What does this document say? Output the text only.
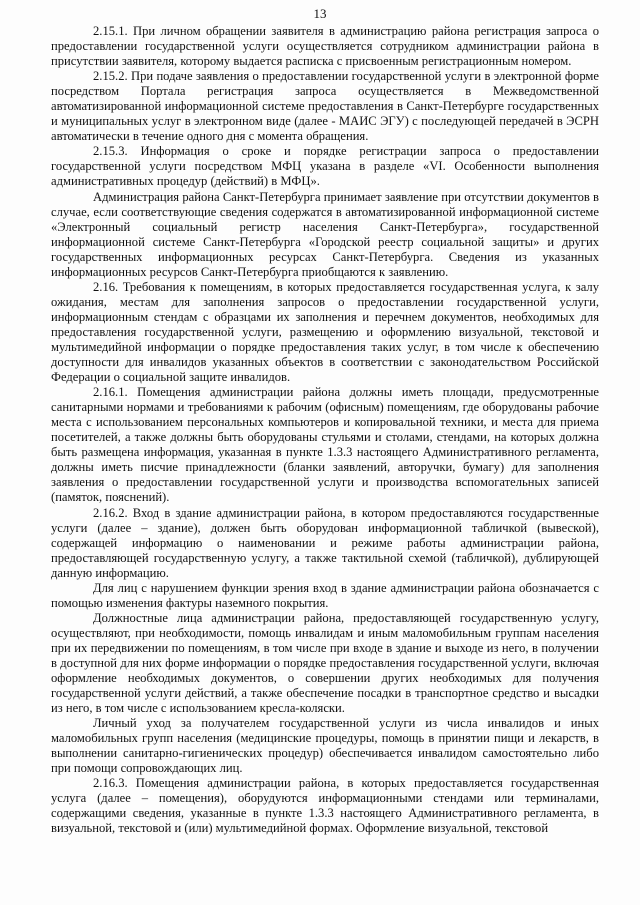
13

2.15.1. При личном обращении заявителя в администрацию района регистрация запроса о предоставлении государственной услуги осуществляется сотрудником администрации района в присутствии заявителя, которому выдается расписка с присвоенным регистрационным номером.

2.15.2. При подаче заявления о предоставлении государственной услуги в электронной форме посредством Портала регистрация запроса осуществляется в Межведомственной автоматизированной информационной системе предоставления в Санкт-Петербурге государственных и муниципальных услуг в электронном виде (далее - МАИС ЭГУ) с последующей передачей в ЭСРН автоматически в течение одного дня с момента обращения.

2.15.3. Информация о сроке и порядке регистрации запроса о предоставлении государственной услуги посредством МФЦ указана в разделе «VI. Особенности выполнения административных процедур (действий) в МФЦ».

Администрация района Санкт-Петербурга принимает заявление при отсутствии документов в случае, если соответствующие сведения содержатся в автоматизированной информационной системе «Электронный социальный регистр населения Санкт-Петербурга», государственной информационной системе Санкт-Петербурга «Городской реестр социальной защиты» и других государственных информационных ресурсах Санкт-Петербурга. Сведения из указанных информационных ресурсов Санкт-Петербурга приобщаются к заявлению.

2.16. Требования к помещениям, в которых предоставляется государственная услуга, к залу ожидания, местам для заполнения запросов о предоставлении государственной услуги, информационным стендам с образцами их заполнения и перечнем документов, необходимых для предоставления государственной услуги, размещению и оформлению визуальной, текстовой и мультимедийной информации о порядке предоставления таких услуг, в том числе к обеспечению доступности для инвалидов указанных объектов в соответствии с законодательством Российской Федерации о социальной защите инвалидов.

2.16.1. Помещения администрации района должны иметь площади, предусмотренные санитарными нормами и требованиями к рабочим (офисным) помещениям, где оборудованы рабочие места с использованием персональных компьютеров и копировальной техники, и места для приема посетителей, а также должны быть оборудованы стульями и столами, стендами, на которых должна быть размещена информация, указанная в пункте 1.3.3 настоящего Административного регламента, должны иметь писчие принадлежности (бланки заявлений, авторучки, бумагу) для заполнения заявления о предоставлении государственной услуги и производства вспомогательных записей (памяток, пояснений).

2.16.2. Вход в здание администрации района, в котором предоставляются государственные услуги (далее – здание), должен быть оборудован информационной табличкой (вывеской), содержащей информацию о наименовании и режиме работы администрации района, предоставляющей государственную услугу, а также тактильной схемой (табличкой), дублирующей данную информацию.

Для лиц с нарушением функции зрения вход в здание администрации района обозначается с помощью изменения фактуры наземного покрытия.

Должностные лица администрации района, предоставляющей государственную услугу, осуществляют, при необходимости, помощь инвалидам и иным маломобильным группам населения при их передвижении по помещениям, в том числе при входе в здание и выходе из него, в получении в доступной для них форме информации о порядке предоставления государственной услуги, включая оформление необходимых документов, о совершении других необходимых для получения государственной услуги действий, а также обеспечение посадки в транспортное средство и высадки из него, в том числе с использованием кресла-коляски.

Личный уход за получателем государственной услуги из числа инвалидов и иных маломобильных групп населения (медицинские процедуры, помощь в принятии пищи и лекарств, в выполнении санитарно-гигиенических процедур) обеспечивается инвалидом самостоятельно либо при помощи сопровождающих лиц.

2.16.3. Помещения администрации района, в которых предоставляется государственная услуга (далее – помещения), оборудуются информационными стендами или терминалами, содержащими сведения, указанные в пункте 1.3.3 настоящего Административного регламента, в визуальной, текстовой и (или) мультимедийной формах. Оформление визуальной, текстовой
